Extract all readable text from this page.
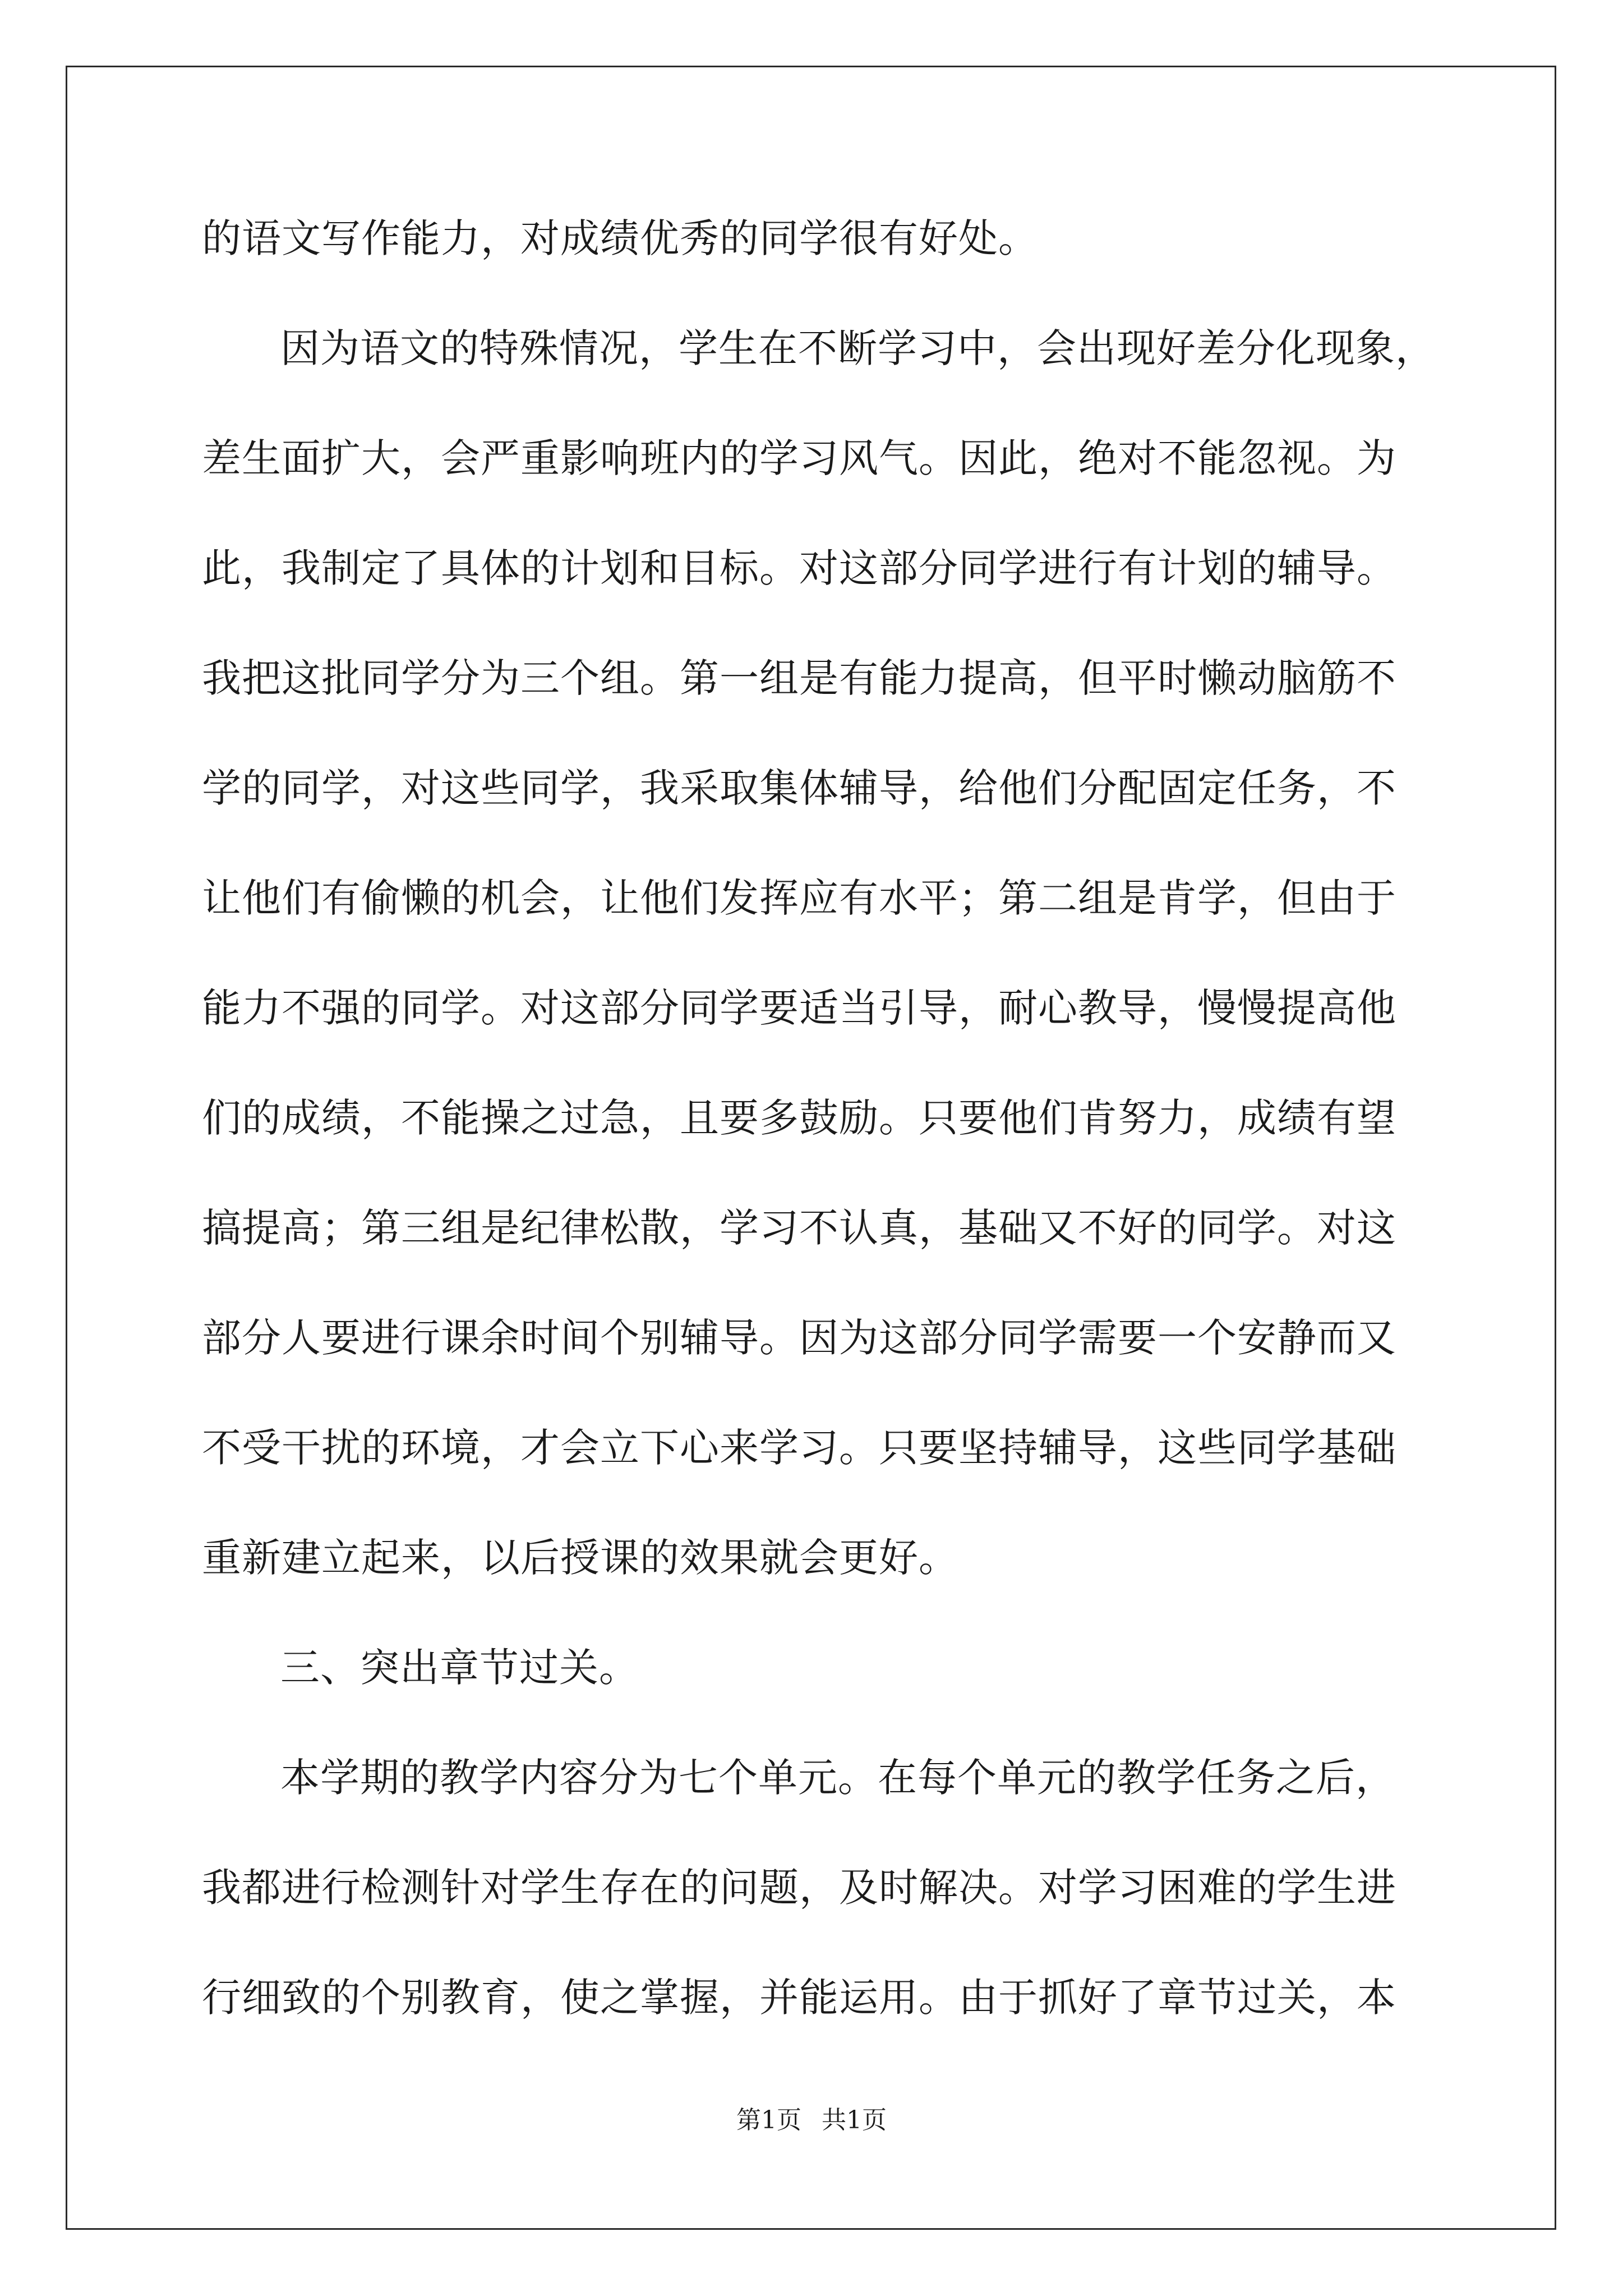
的语文写作能力，对成绩优秀的同学很有好处。
因为语文的特殊情况，学生在不断学习中，会出现好差分化现象，
差生面扩大，会严重影响班内的学习风气。因此，绝对不能忽视。为
此，我制定了具体的计划和目标。对这部分同学进行有计划的辅导。
我把这批同学分为三个组。第一组是有能力提高，但平时懒动脑筋不
学的同学，对这些同学，我采取集体辅导，给他们分配固定任务，不
让他们有偷懒的机会，让他们发挥应有水平；第二组是肯学，但由于
能力不强的同学。对这部分同学要适当引导，耐心教导，慢慢提高他
们的成绩，不能操之过急，且要多鼓励。只要他们肯努力，成绩有望
搞提高；第三组是纪律松散，学习不认真，基础又不好的同学。对这
部分人要进行课余时间个别辅导。因为这部分同学需要一个安静而又
不受干扰的环境，才会立下心来学习。只要坚持辅导，这些同学基础
重新建立起来，以后授课的效果就会更好。
三、突出章节过关。
本学期的教学内容分为七个单元。在每个单元的教学任务之后，
我都进行检测针对学生存在的问题，及时解决。对学习困难的学生进
行细致的个别教育，使之掌握，并能运用。由于抓好了章节过关，本
第1页 共1页
